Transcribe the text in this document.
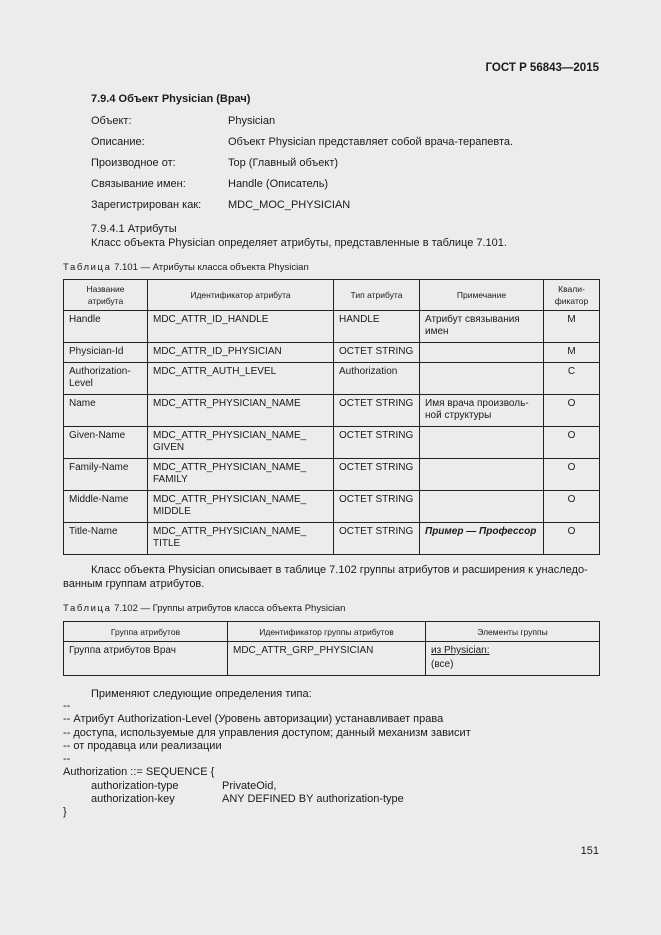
ГОСТ Р 56843—2015
7.9.4 Объект Physician (Врач)
Объект:	Physician
Описание:	Объект Physician представляет собой врача-терапевта.
Производное от:	Top (Главный объект)
Связывание имен:	Handle (Описатель)
Зарегистрирован как:	MDC_MOC_PHYSICIAN
7.9.4.1 Атрибуты
Класс объекта Physician определяет атрибуты, представленные в таблице 7.101.
Таблица 7.101 — Атрибуты класса объекта Physician
Название атрибута	Идентификатор атрибута	Тип атрибута	Примечание	Квали-фикатор
Handle	MDC_ATTR_ID_HANDLE	HANDLE	Атрибут связывания имен	M
Physician-Id	MDC_ATTR_ID_PHYSICIAN	OCTET STRING		M
Authorization-Level	MDC_ATTR_AUTH_LEVEL	Authorization		C
Name	MDC_ATTR_PHYSICIAN_NAME	OCTET STRING	Имя врача произволь-ной структуры	O
Given-Name	MDC_ATTR_PHYSICIAN_NAME_ GIVEN	OCTET STRING		O
Family-Name	MDC_ATTR_PHYSICIAN_NAME_ FAMILY	OCTET STRING		O
Middle-Name	MDC_ATTR_PHYSICIAN_NAME_ MIDDLE	OCTET STRING		O
Title-Name	MDC_ATTR_PHYSICIAN_NAME_ TITLE	OCTET STRING	Пример — Профессор	O
Класс объекта Physician описывает в таблице 7.102 группы атрибутов и расширения к унаследо-ванным группам атрибутов.
Таблица 7.102 — Группы атрибутов класса объекта Physician
Группа атрибутов	Идентификатор группы атрибутов	Элементы группы
Группа атрибутов Врач	MDC_ATTR_GRP_PHYSICIAN	из Physician:
(все)
Применяют следующие определения типа:
--
-- Атрибут Authorization-Level (Уровень авторизации) устанавливает права
-- доступа, используемые для управления доступом; данный механизм зависит
-- от продавца или реализации
--
Authorization ::= SEQUENCE {
authorization-type	PrivateOid,
authorization-key	ANY DEFINED BY authorization-type
}
151
